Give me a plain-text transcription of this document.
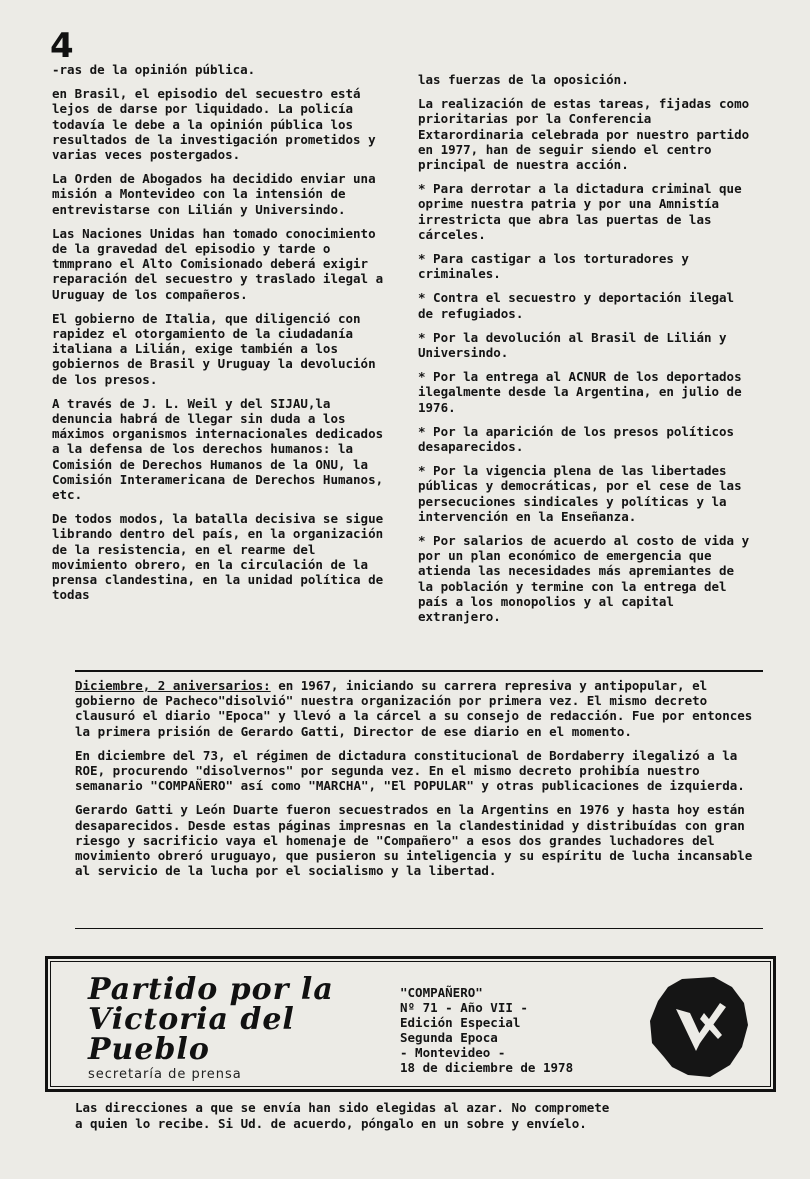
4

-ras de la opinión pública.

en Brasil, el episodio del secuestro está lejos de darse por liquidado. La policía todavía le debe a la opinión pública los resultados de la investigación prometidos y varias veces postergados.

La Orden de Abogados ha decidido enviar una misión a Montevideo con la intensión de entrevistarse con Lilián y Universindo.

Las Naciones Unidas han tomado conocimiento de la gravedad del episodio y tarde o tmmprano el Alto Comisionado deberá exigir reparación del secuestro y traslado ilegal a Uruguay de los compañeros.

El gobierno de Italia, que diligenció con rapidez el otorgamiento de la ciudadanía italiana a Lilián, exige también a los gobiernos de Brasil y Uruguay la devolución de los presos.

A través de J. L. Weil y del SIJAU,la denuncia habrá de llegar sin duda a los máximos organismos internacionales dedicados a la defensa de los derechos humanos: la Comisión de Derechos Humanos de la ONU, la Comisión Interamericana de Derechos Humanos, etc.

De todos modos, la batalla decisiva se sigue librando dentro del país, en la organización de la resistencia, en el rearme del movimiento obrero, en la circulación de la prensa clandestina, en la unidad política de todas

las fuerzas de la oposición.

La realización de estas tareas, fijadas como prioritarias por la Conferencia Extarordinaria celebrada por nuestro partido en 1977, han de seguir siendo el centro principal de nuestra acción.

* Para derrotar a la dictadura criminal que oprime nuestra patria y por una Amnistía irrestricta que abra las puertas de las cárceles.

* Para castigar a los torturadores y criminales.

* Contra el secuestro y deportación ilegal de refugiados.

* Por la devolución al Brasil de Lilián y Universindo.

* Por la entrega al ACNUR de los deportados ilegalmente desde la Argentina, en julio de 1976.

* Por la aparición de los presos políticos desaparecidos.

* Por la vigencia plena de las libertades públicas y democráticas, por el cese de las persecuciones sindicales y políticas y la intervención en la Enseñanza.

* Por salarios de acuerdo al costo de vida y por un plan económico de emergencia que atienda las necesidades más apremiantes de la población y termine con la entrega del país a los monopolios y al capital extranjero.

Diciembre, 2 aniversarios: en 1967, iniciando su carrera represiva y antipopular, el gobierno de Pacheco"disolvió" nuestra organización por primera vez. El mismo decreto clausuró el diario "Epoca" y llevó a la cárcel a su consejo de redacción. Fue por entonces la primera prisión de Gerardo Gatti, Director de ese diario en el momento.

En diciembre del 73, el régimen de dictadura constitucional de Bordaberry ilegalizó a la ROE, procurendo "disolvernos" por segunda vez. En el mismo decreto prohibía nuestro semanario "COMPAÑERO" así como "MARCHA", "El POPULAR" y otras publicaciones de izquierda.

Gerardo Gatti y León Duarte fueron secuestrados en la Argentins en 1976 y hasta hoy están desaparecidos. Desde estas páginas impresnas en la clandestinidad y distribuídas con gran riesgo y sacrificio vaya el homenaje de "Compañero" a esos dos grandes luchadores del movimiento obreró uruguayo, que pusieron su inteligencia y su espíritu de lucha incansable al servicio de la lucha por el socialismo y la libertad.

Partido por la
Victoria del
Pueblo
secretaría de prensa
"COMPAÑERO"
Nº 71 - Año VII -
Edición Especial
Segunda Epoca
- Montevideo -
18 de diciembre de 1978

Las direcciones a que se envía han sido elegidas al azar. No compromete

a quien lo recibe. Si Ud. de acuerdo, póngalo en un sobre y envíelo.
